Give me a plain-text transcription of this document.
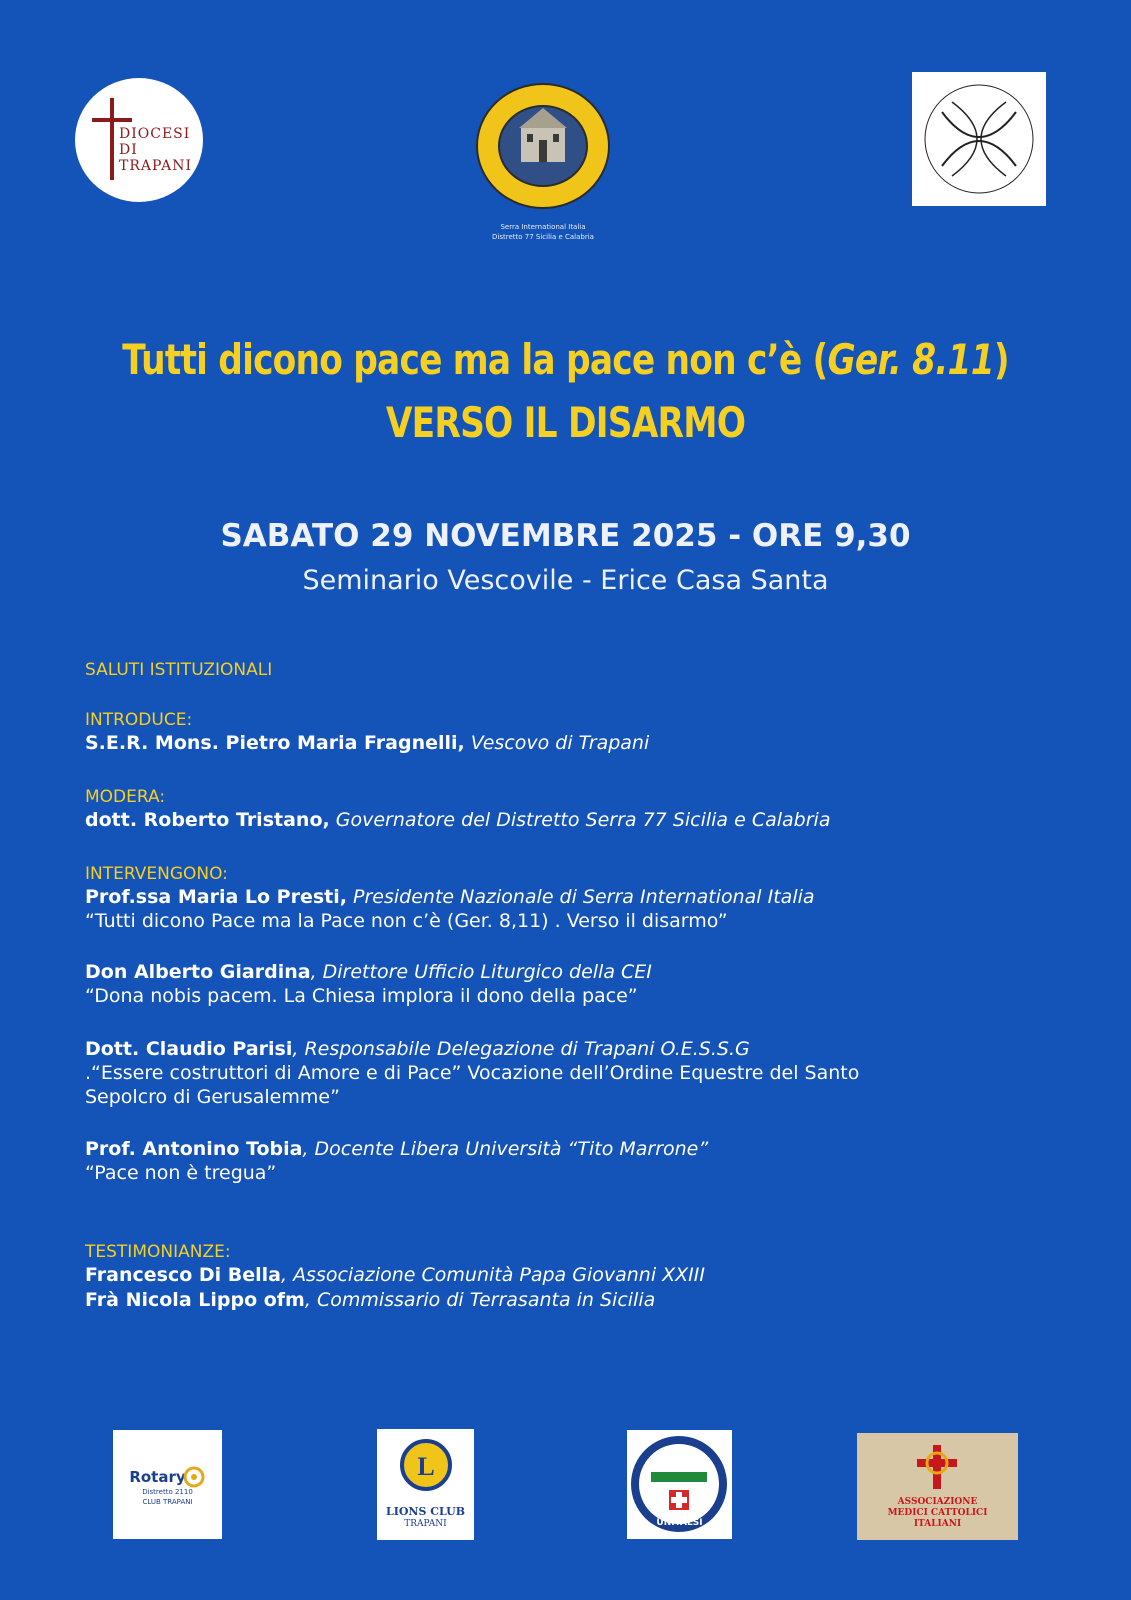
DIOCESI
DI TRAPANI
Serra International Italia
Distretto 77 Sicilia e Calabria
Tutti dicono pace ma la pace non c’è (Ger. 8.11)
VERSO IL DISARMO
SABATO 29 NOVEMBRE 2025 - ORE 9,30
Seminario Vescovile - Erice Casa Santa
SALUTI ISTITUZIONALI
INTRODUCE:
S.E.R. Mons. Pietro Maria Fragnelli, Vescovo di Trapani
MODERA:
dott. Roberto Tristano, Governatore del Distretto Serra 77 Sicilia e Calabria
INTERVENGONO:
Prof.ssa Maria Lo Presti, Presidente Nazionale di Serra International Italia
“Tutti dicono Pace ma la Pace non c’è (Ger. 8,11) . Verso il disarmo”
Don Alberto Giardina, Direttore Ufficio Liturgico della CEI
“Dona nobis pacem. La Chiesa implora il dono della pace”
Dott. Claudio Parisi, Responsabile Delegazione di Trapani O.E.S.S.G
.“Essere costruttori di Amore e di Pace” Vocazione dell’Ordine Equestre del Santo
Sepolcro di Gerusalemme”
Prof. Antonino Tobia, Docente Libera Università “Tito Marrone”
“Pace non è tregua”
TESTIMONIANZE:
Francesco Di Bella, Associazione Comunità Papa Giovanni XXIII
Frà Nicola Lippo ofm, Commissario di Terrasanta in Sicilia
Rotary
Distretto 2110
CLUB TRAPANI
L
LIONS CLUB
TRAPANI	UNITALSI
ASSOCIAZIONE
MEDICI CATTOLICI
ITALIANI
